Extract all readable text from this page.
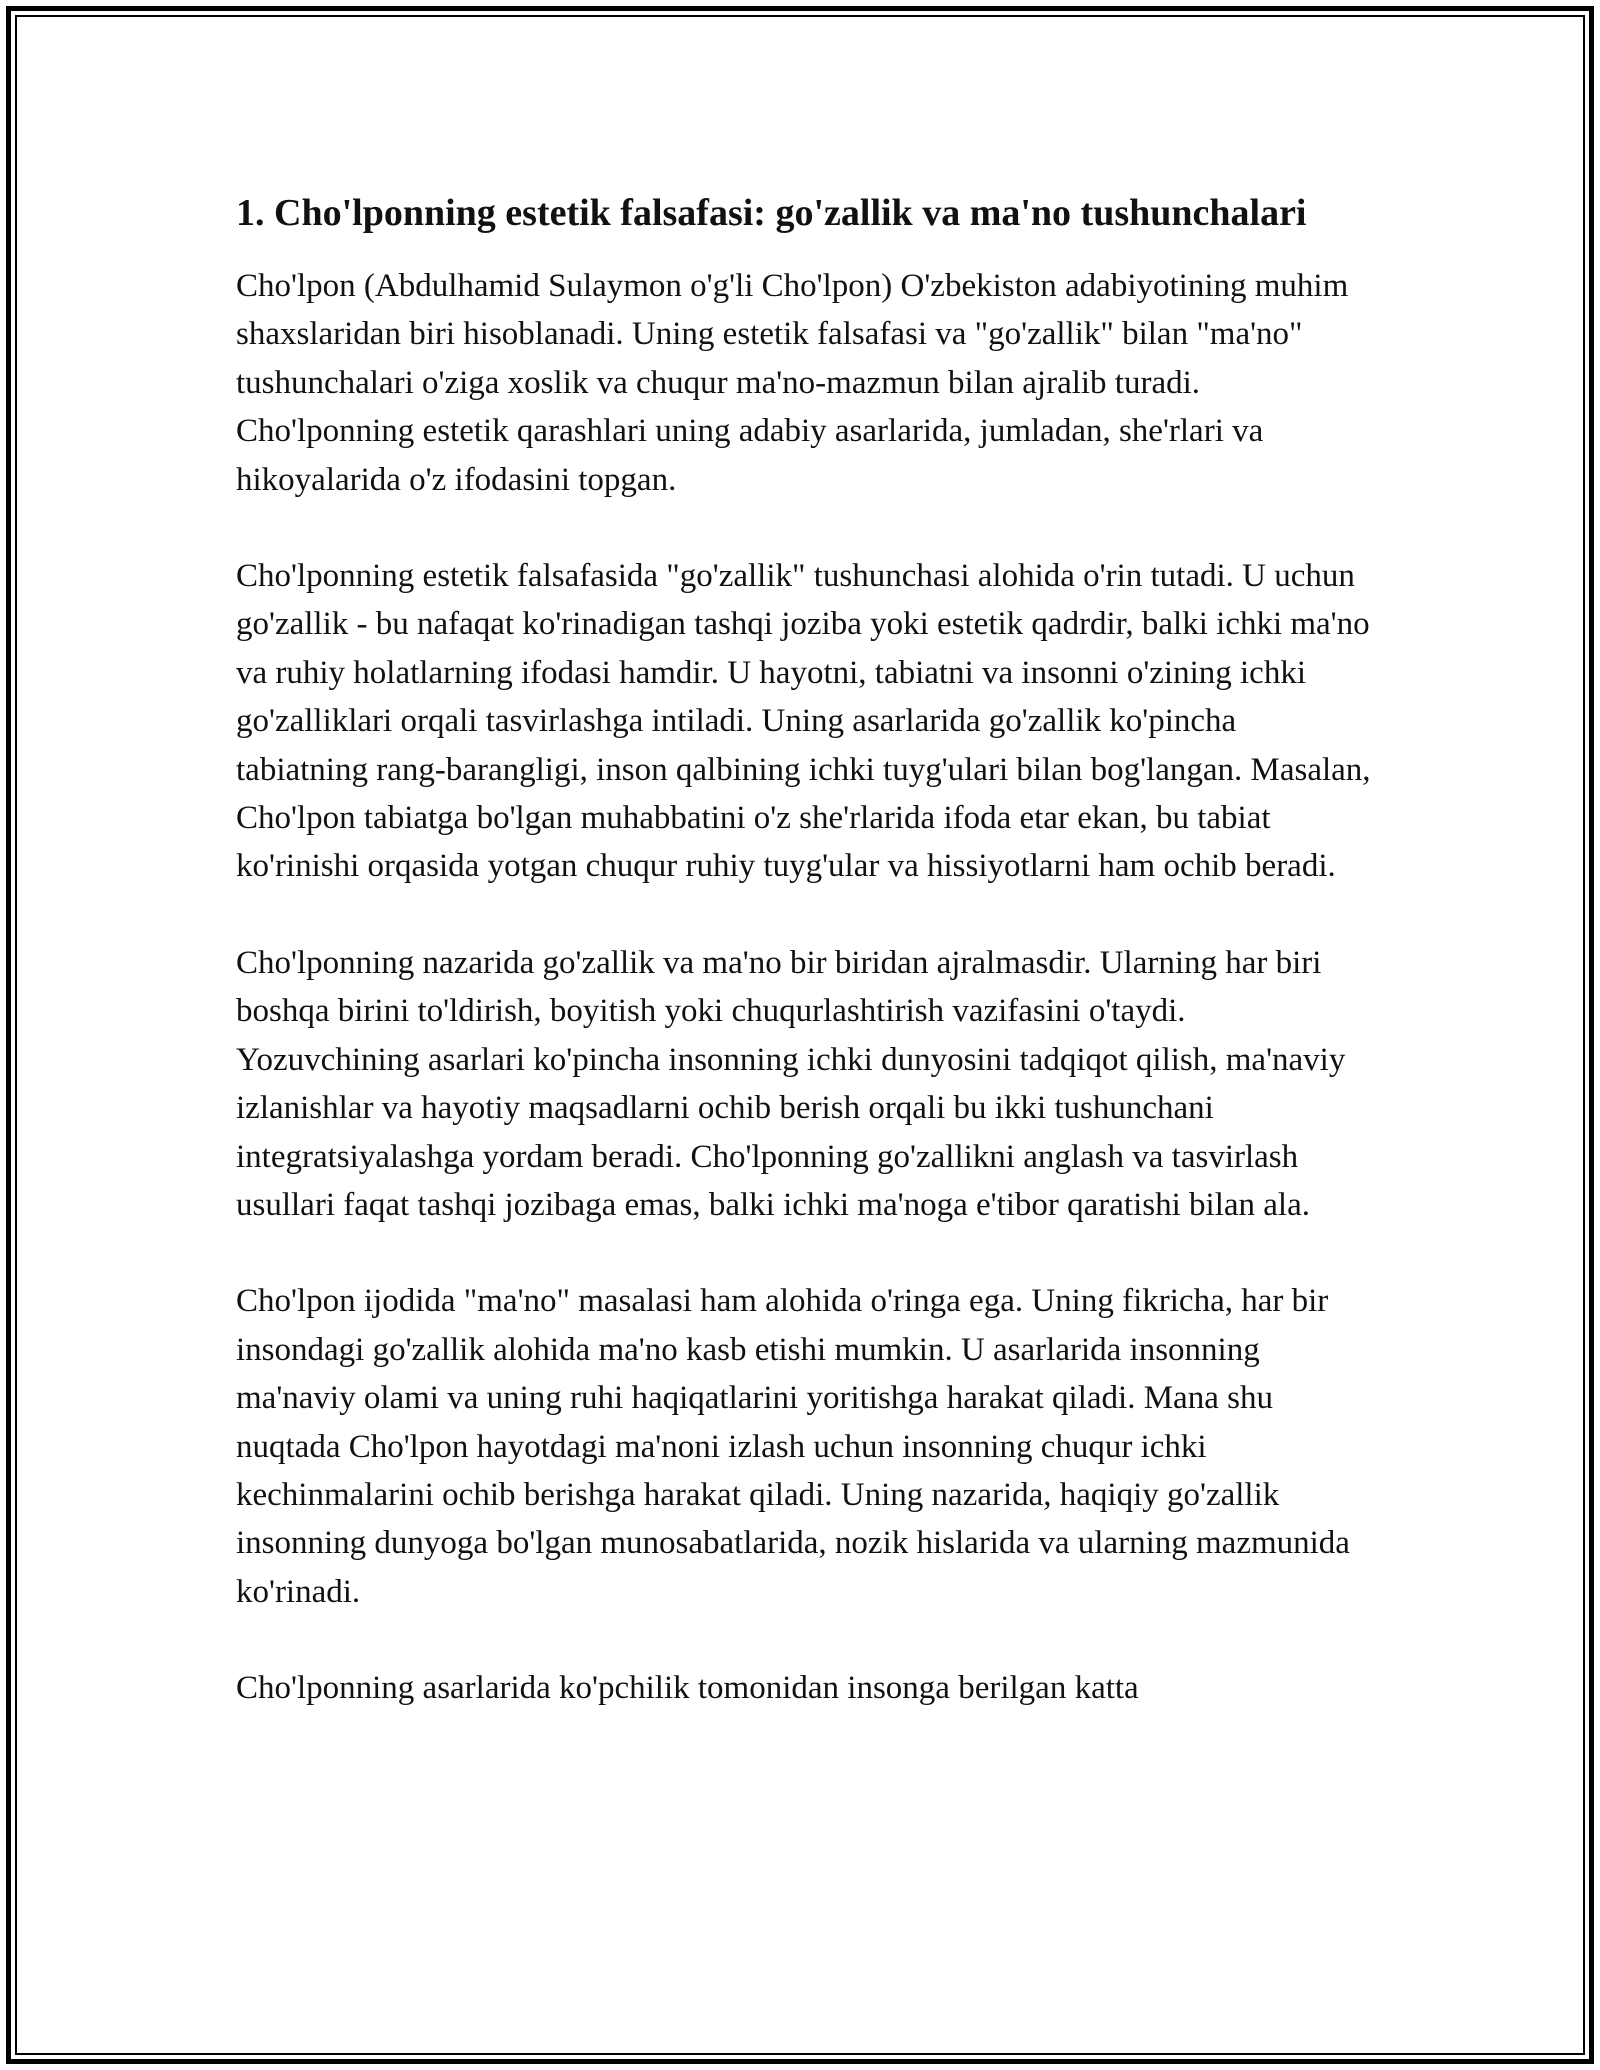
1. Cho'lponning estetik falsafasi: go'zallik va ma'no tushunchalari

Cho'lpon (Abdulhamid Sulaymon o'g'li Cho'lpon) O'zbekiston adabiyotining muhim shaxslaridan biri hisoblanadi. Uning estetik falsafasi va "go'zallik" bilan "ma'no" tushunchalari o'ziga xoslik va chuqur ma'no-mazmun bilan ajralib turadi. Cho'lponning estetik qarashlari uning adabiy asarlarida, jumladan, she'rlari va hikoyalarida o'z ifodasini topgan.

Cho'lponning estetik falsafasida "go'zallik" tushunchasi alohida o'rin tutadi. U uchun go'zallik - bu nafaqat ko'rinadigan tashqi joziba yoki estetik qadrdir, balki ichki ma'no va ruhiy holatlarning ifodasi hamdir. U hayotni, tabiatni va insonni o'zining ichki go'zalliklari orqali tasvirlashga intiladi. Uning asarlarida go'zallik ko'pincha tabiatning rang-barangligi, inson qalbining ichki tuyg'ulari bilan bog'langan. Masalan, Cho'lpon tabiatga bo'lgan muhabbatini o'z she'rlarida ifoda etar ekan, bu tabiat ko'rinishi orqasida yotgan chuqur ruhiy tuyg'ular va hissiyotlarni ham ochib beradi.

Cho'lponning nazarida go'zallik va ma'no bir biridan ajralmasdir. Ularning har biri boshqa birini to'ldirish, boyitish yoki chuqurlashtirish vazifasini o'taydi. Yozuvchining asarlari ko'pincha insonning ichki dunyosini tadqiqot qilish, ma'naviy izlanishlar va hayotiy maqsadlarni ochib berish orqali bu ikki tushunchani integratsiyalashga yordam beradi. Cho'lponning go'zallikni anglash va tasvirlash usullari faqat tashqi jozibaga emas, balki ichki ma'noga e'tibor qaratishi bilan ala.

Cho'lpon ijodida "ma'no" masalasi ham alohida o'ringa ega. Uning fikricha, har bir insondagi go'zallik alohida ma'no kasb etishi mumkin. U asarlarida insonning ma'naviy olami va uning ruhi haqiqatlarini yoritishga harakat qiladi. Mana shu nuqtada Cho'lpon hayotdagi ma'noni izlash uchun insonning chuqur ichki kechinmalarini ochib berishga harakat qiladi. Uning nazarida, haqiqiy go'zallik insonning dunyoga bo'lgan munosabatlarida, nozik hislarida va ularning mazmunida ko'rinadi.

Cho'lponning asarlarida ko'pchilik tomonidan insonga berilgan katta
